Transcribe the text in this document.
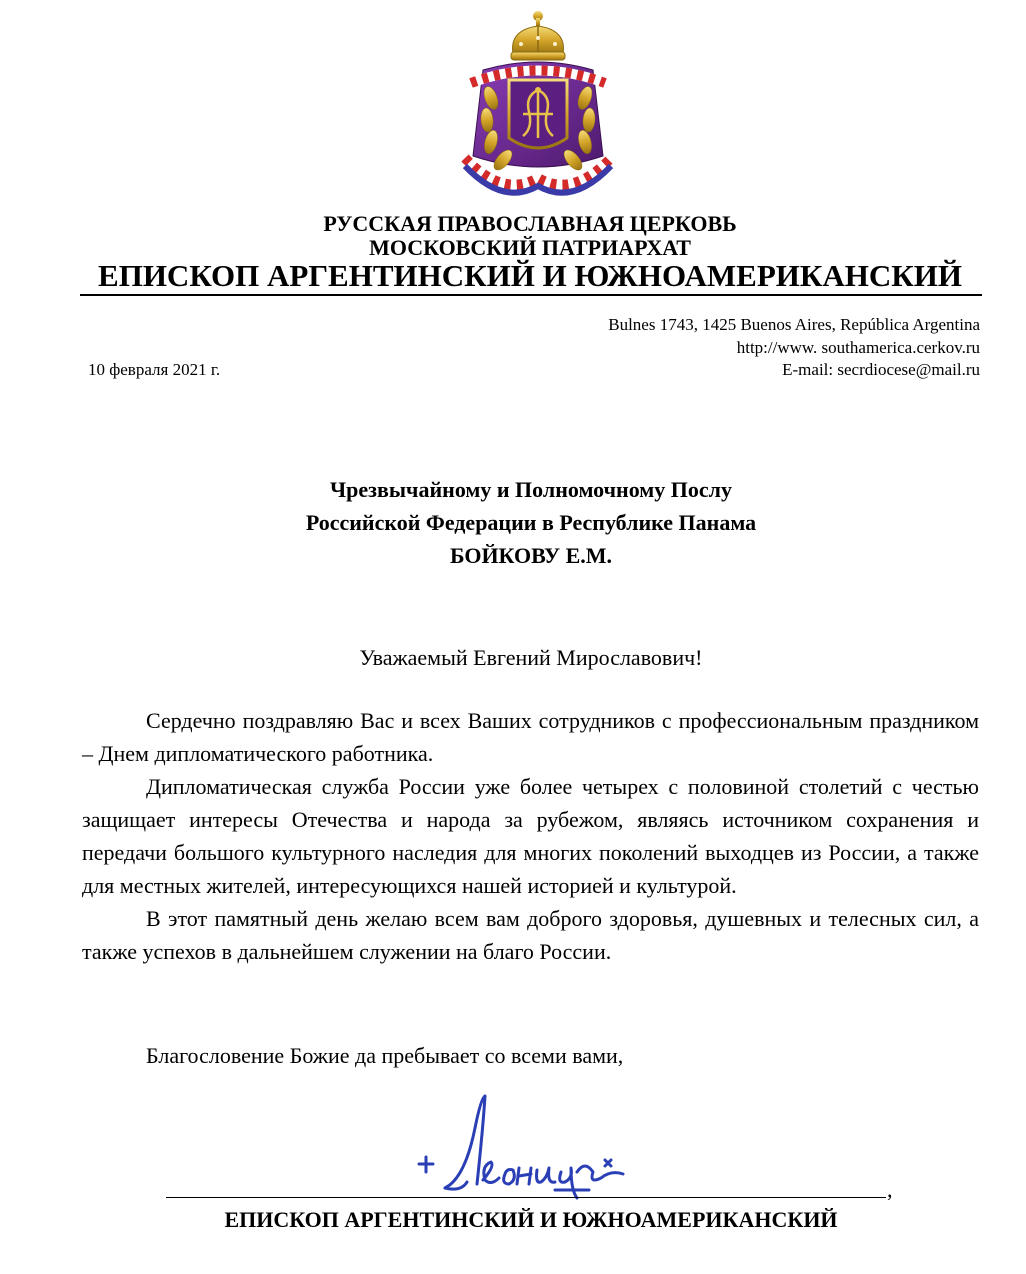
РУССКАЯ ПРАВОСЛАВНАЯ ЦЕРКОВЬ
МОСКОВСКИЙ ПАТРИАРХАТ
ЕПИСКОП АРГЕНТИНСКИЙ И ЮЖНОАМЕРИКАНСКИЙ
Bulnes 1743, 1425 Buenos Aires, República Argentina
http://www. southamerica.cerkov.ru
E-mail: secrdiocese@mail.ru
10 февраля 2021 г.
Чрезвычайному и Полномочному Послу
Российской Федерации в Республике Панама
БОЙКОВУ Е.М.
Уважаемый Евгений Мирославович!

Сердечно поздравляю Вас и всех Ваших сотрудников с профессиональным праздником – Днем дипломатического работника.

Дипломатическая служба России уже более четырех с половиной столетий с честью защищает интересы Отечества и народа за рубежом, являясь источником сохранения и передачи большого культурного наследия для многих поколений выходцев из России, а также для местных жителей, интересующихся нашей историей и культурой.

В этот памятный день желаю всем вам доброго здоровья, душевных и телесных сил, а также успехов в дальнейшем служении на благо России.

Благословение Божие да пребывает со всеми вами,
,
ЕПИСКОП АРГЕНТИНСКИЙ И ЮЖНОАМЕРИКАНСКИЙ
